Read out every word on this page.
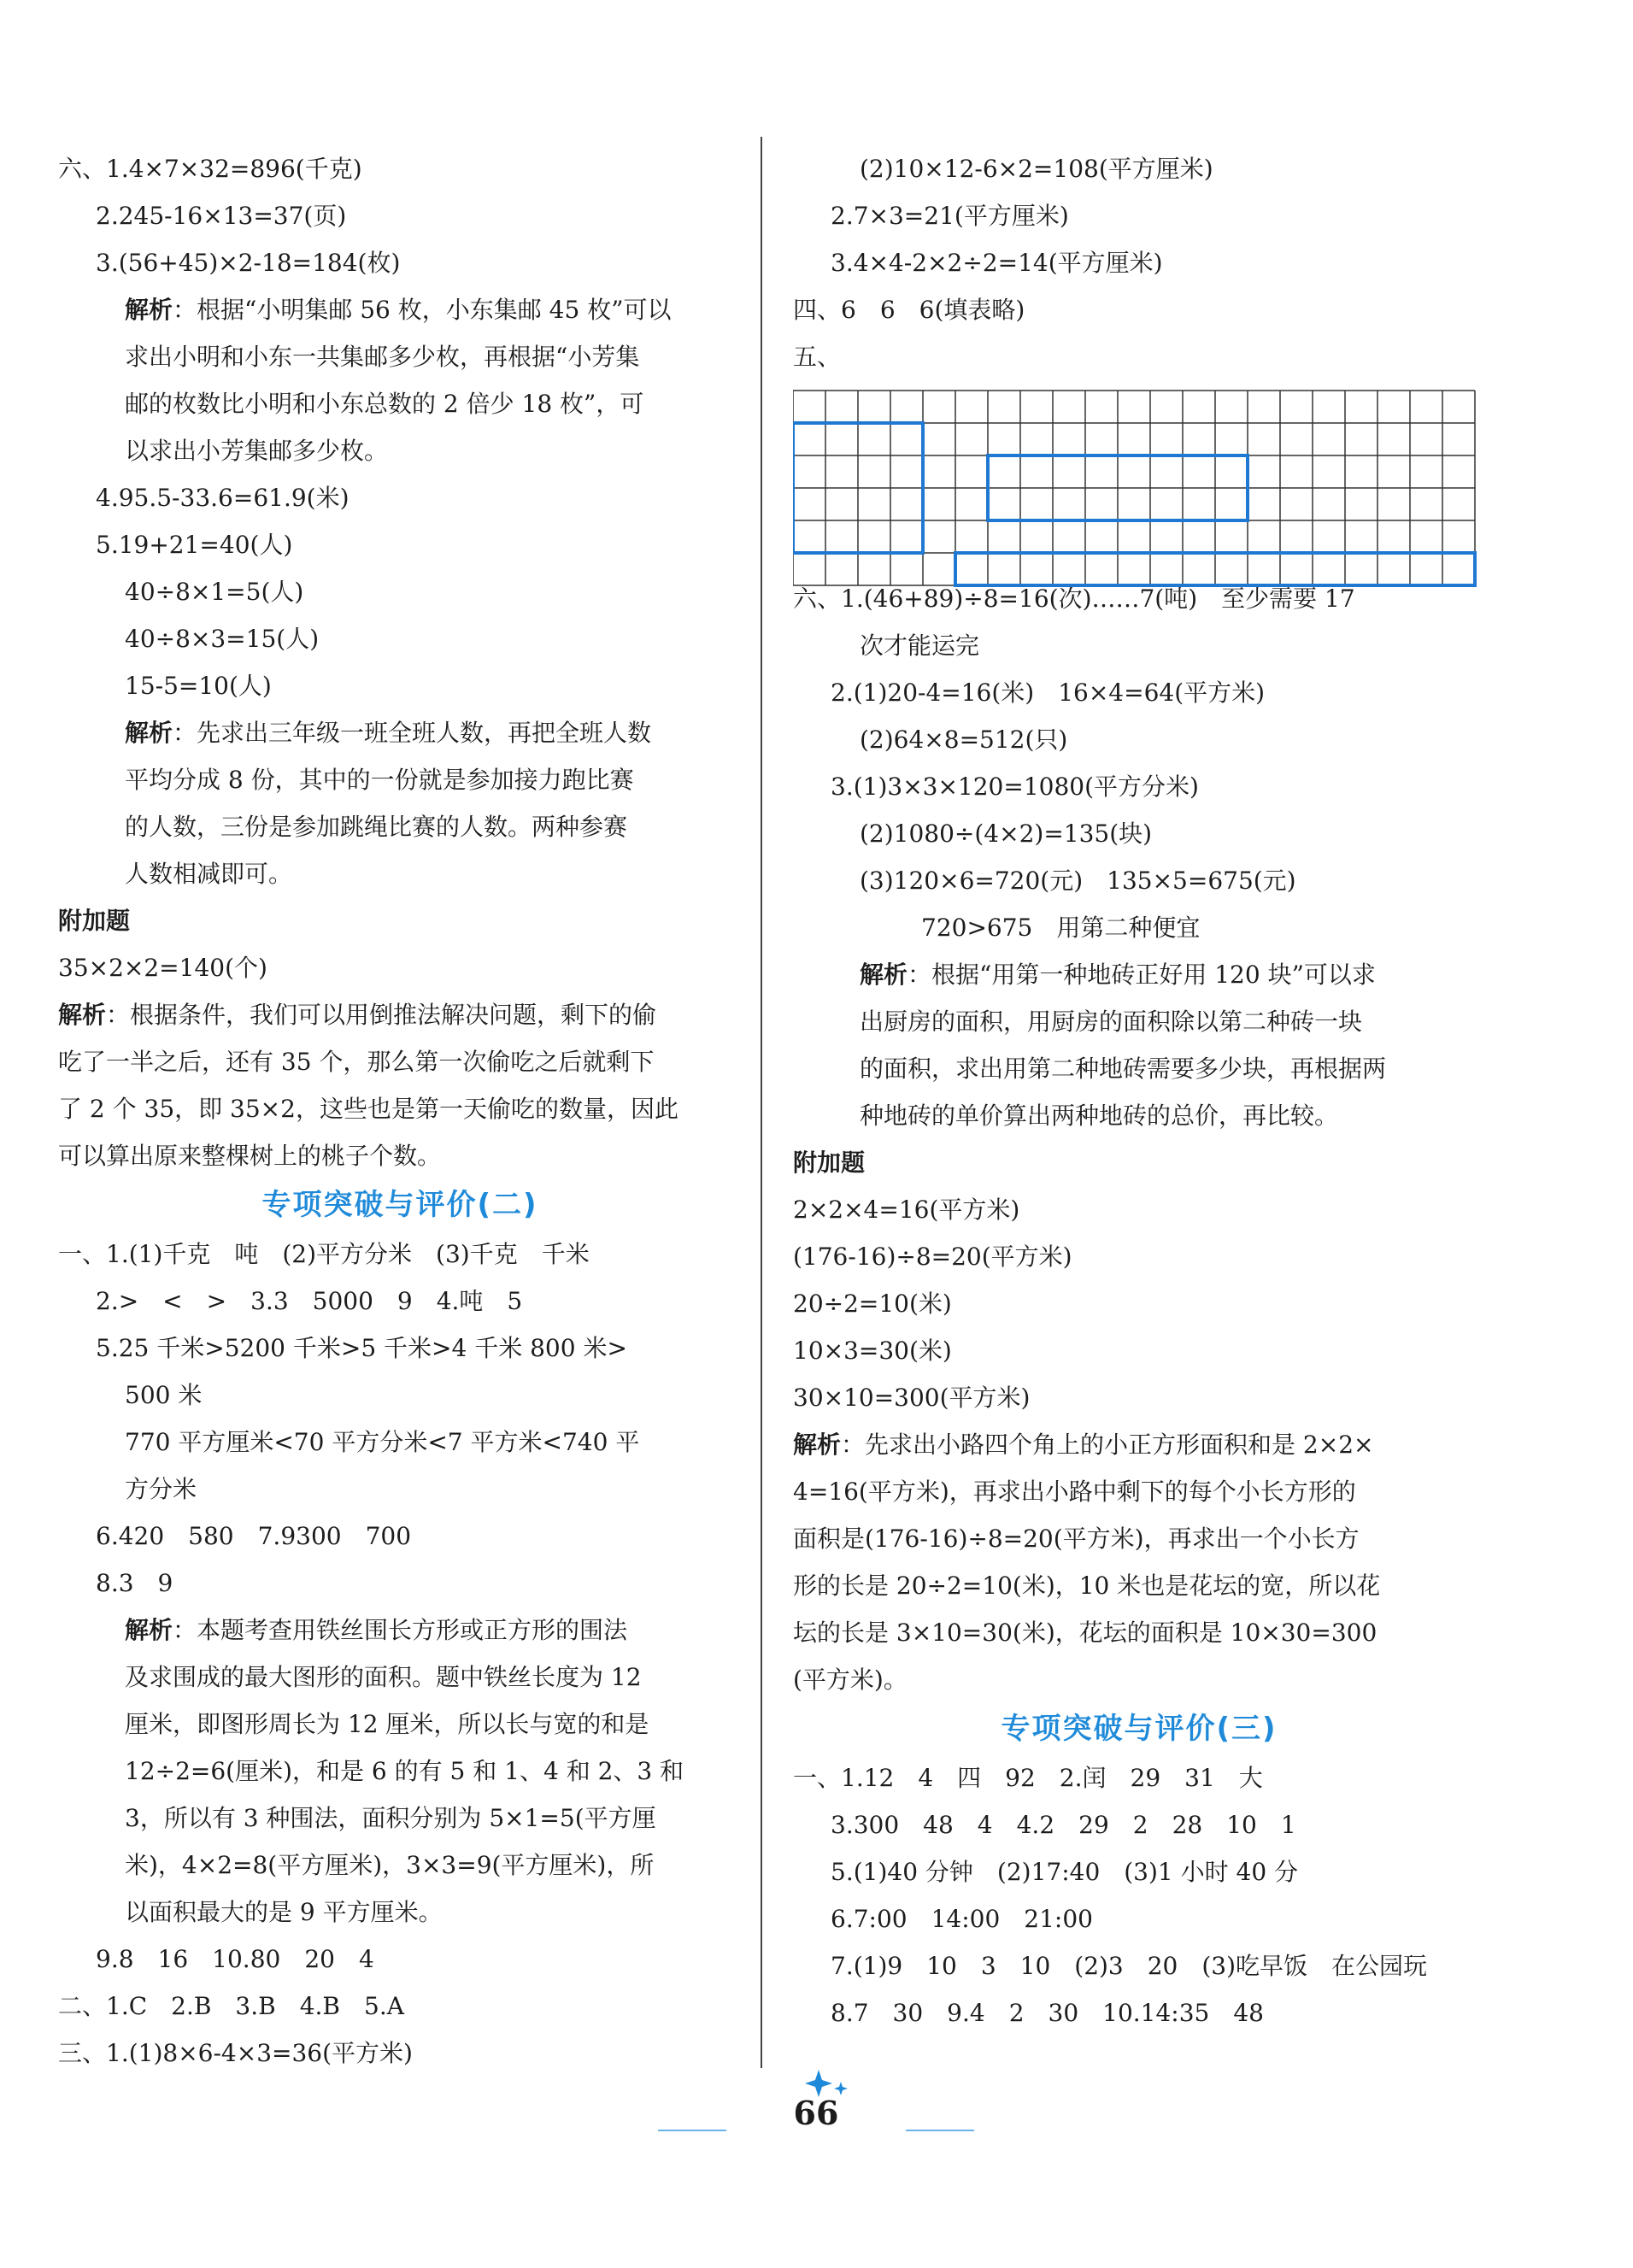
六、1.4×7×32=896(千克)
2.245-16×13=37(页)
3.(56+45)×2-18=184(枚)
解析：根据“小明集邮 56 枚，小东集邮 45 枚”可以
求出小明和小东一共集邮多少枚，再根据“小芳集
邮的枚数比小明和小东总数的 2 倍少 18 枚”，可
以求出小芳集邮多少枚。
4.95.5-33.6=61.9(米)
5.19+21=40(人)
40÷8×1=5(人)
40÷8×3=15(人)
15-5=10(人)
解析：先求出三年级一班全班人数，再把全班人数
平均分成 8 份，其中的一份就是参加接力跑比赛
的人数，三份是参加跳绳比赛的人数。两种参赛
人数相减即可。
附加题
35×2×2=140(个)
解析：根据条件，我们可以用倒推法解决问题，剩下的偷
吃了一半之后，还有 35 个，那么第一次偷吃之后就剩下
了 2 个 35，即 35×2，这些也是第一天偷吃的数量，因此
可以算出原来整棵树上的桃子个数。
专项突破与评价(二)
一、1.(1)千克　吨　(2)平方分米　(3)千克　千米
2.>　<　>　3.3　5000　9　4.吨　5
5.25 千米>5200 千米>5 千米>4 千米 800 米>
500 米
770 平方厘米<70 平方分米<7 平方米<740 平
方分米
6.420　580　7.9300　700
8.3　9
解析：本题考查用铁丝围长方形或正方形的围法
及求围成的最大图形的面积。题中铁丝长度为 12
厘米，即图形周长为 12 厘米，所以长与宽的和是
12÷2=6(厘米)，和是 6 的有 5 和 1、4 和 2、3 和
3，所以有 3 种围法，面积分别为 5×1=5(平方厘
米)，4×2=8(平方厘米)，3×3=9(平方厘米)，所
以面积最大的是 9 平方厘米。
9.8　16　10.80　20　4
二、1.C　2.B　3.B　4.B　5.A
三、1.(1)8×6-4×3=36(平方米)
(2)10×12-6×2=108(平方厘米)
2.7×3=21(平方厘米)
3.4×4-2×2÷2=14(平方厘米)
四、6　6　6(填表略)
五、
六、1.(46+89)÷8=16(次)……7(吨)　至少需要 17
次才能运完
2.(1)20-4=16(米)　16×4=64(平方米)
(2)64×8=512(只)
3.(1)3×3×120=1080(平方分米)
(2)1080÷(4×2)=135(块)
(3)120×6=720(元)　135×5=675(元)
720>675　用第二种便宜
解析：根据“用第一种地砖正好用 120 块”可以求
出厨房的面积，用厨房的面积除以第二种砖一块
的面积，求出用第二种地砖需要多少块，再根据两
种地砖的单价算出两种地砖的总价，再比较。
附加题
2×2×4=16(平方米)
(176-16)÷8=20(平方米)
20÷2=10(米)
10×3=30(米)
30×10=300(平方米)
解析：先求出小路四个角上的小正方形面积和是 2×2×
4=16(平方米)，再求出小路中剩下的每个小长方形的
面积是(176-16)÷8=20(平方米)，再求出一个小长方
形的长是 20÷2=10(米)，10 米也是花坛的宽，所以花
坛的长是 3×10=30(米)，花坛的面积是 10×30=300
(平方米)。
专项突破与评价(三)
一、1.12　4　四　92　2.闰　29　31　大
3.300　48　4　4.2　29　2　28　10　1
5.(1)40 分钟　(2)17:40　(3)1 小时 40 分
6.7:00　14:00　21:00
7.(1)9　10　3　10　(2)3　20　(3)吃早饭　在公园玩
8.7　30　9.4　2　30　10.14:35　48
66
